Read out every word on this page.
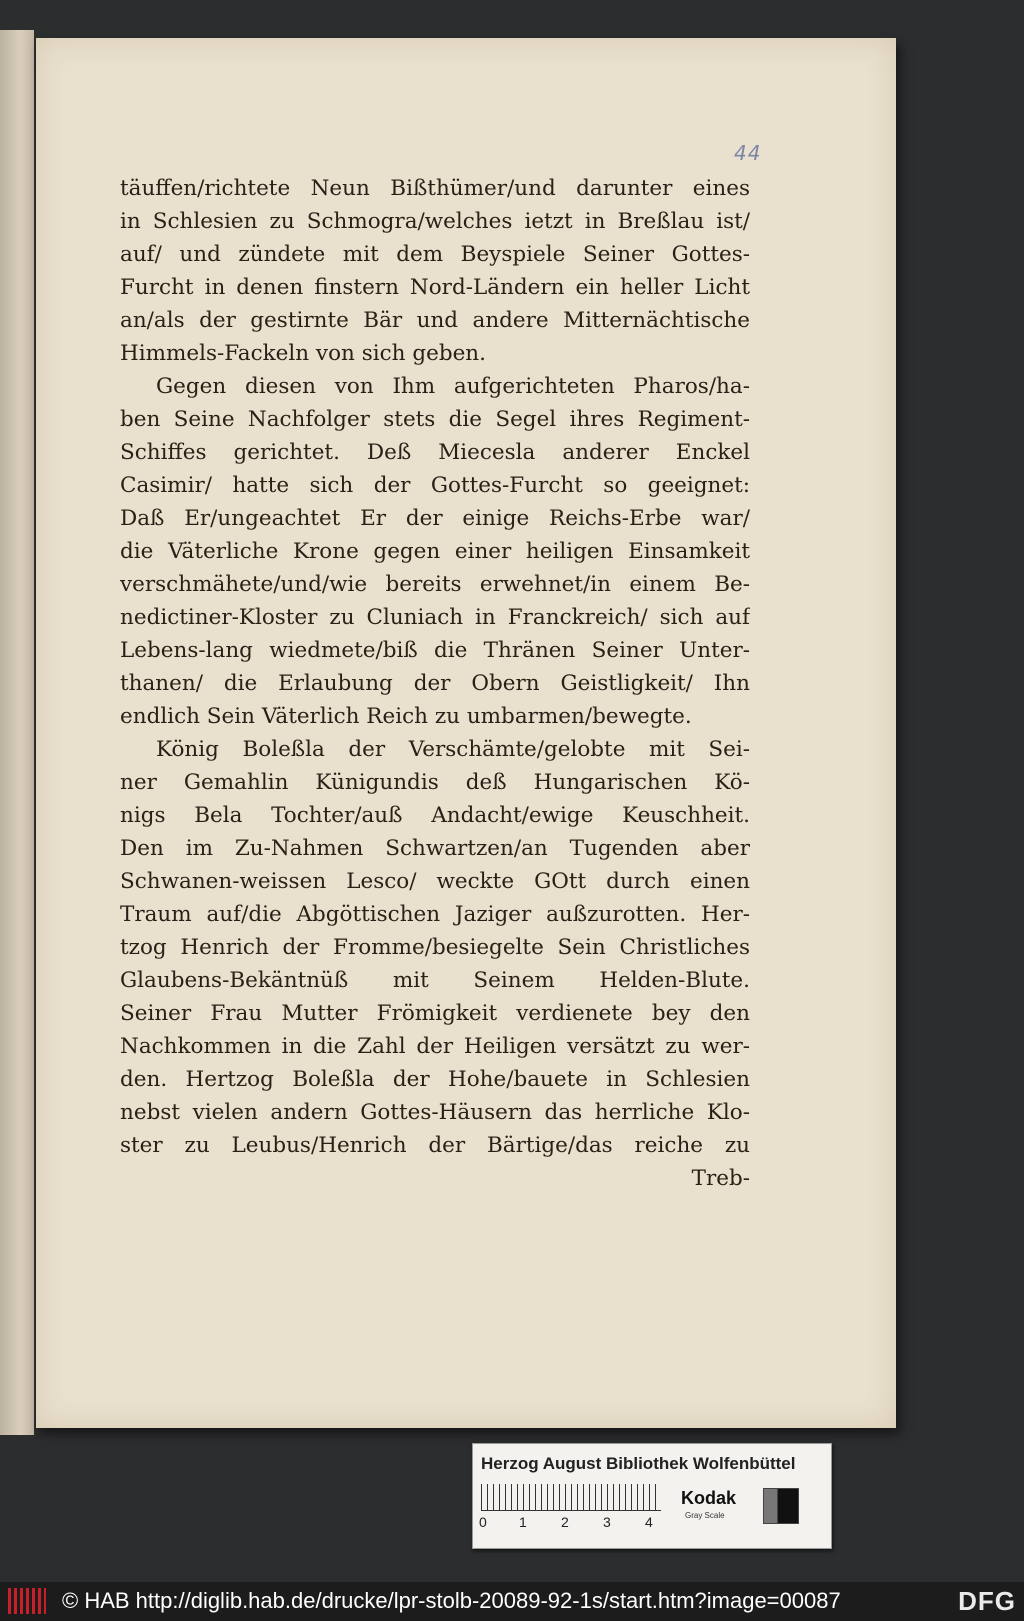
44
täuffen/richtete Neun Bißthümer/und darunter eines
in Schlesien zu Schmogra/welches ietzt in Breßlau ist/
auf/ und zündete mit dem Beyspiele Seiner Gottes-
Furcht in denen finstern Nord-Ländern ein heller Licht
an/als der gestirnte Bär und andere Mitternächtische
Himmels-Fackeln von sich geben.
Gegen diesen von Ihm aufgerichteten Pharos/ha-
ben Seine Nachfolger stets die Segel ihres Regiment-
Schiffes gerichtet. Deß Miecesla anderer Enckel
Casimir/ hatte sich der Gottes-Furcht so geeignet:
Daß Er/ungeachtet Er der einige Reichs-Erbe war/
die Väterliche Krone gegen einer heiligen Einsamkeit
verschmähete/und/wie bereits erwehnet/in einem Be-
nedictiner-Kloster zu Cluniach in Franckreich/ sich auf
Lebens-lang wiedmete/biß die Thränen Seiner Unter-
thanen/ die Erlaubung der Obern Geistligkeit/ Ihn
endlich Sein Väterlich Reich zu umbarmen/bewegte.
König Boleßla der Verschämte/gelobte mit Sei-
ner Gemahlin Künigundis deß Hungarischen Kö-
nigs Bela Tochter/auß Andacht/ewige Keuschheit.
Den im Zu-Nahmen Schwartzen/an Tugenden aber
Schwanen-weissen Lesco/ weckte GOtt durch einen
Traum auf/die Abgöttischen Jaziger außzurotten. Her-
tzog Henrich der Fromme/besiegelte Sein Christliches
Glaubens-Bekäntnüß mit Seinem Helden-Blute.
Seiner Frau Mutter Frömigkeit verdienete bey den
Nachkommen in die Zahl der Heiligen versätzt zu wer-
den. Hertzog Boleßla der Hohe/bauete in Schlesien
nebst vielen andern Gottes-Häusern das herrliche Klo-
ster zu Leubus/Henrich der Bärtige/das reiche zu
Treb-
Herzog August Bibliothek Wolfenbüttel
0 1 2 3 4
Kodak
Gray Scale
© HAB http://diglib.hab.de/drucke/lpr-stolb-20089-92-1s/start.htm?image=00087	DFG
